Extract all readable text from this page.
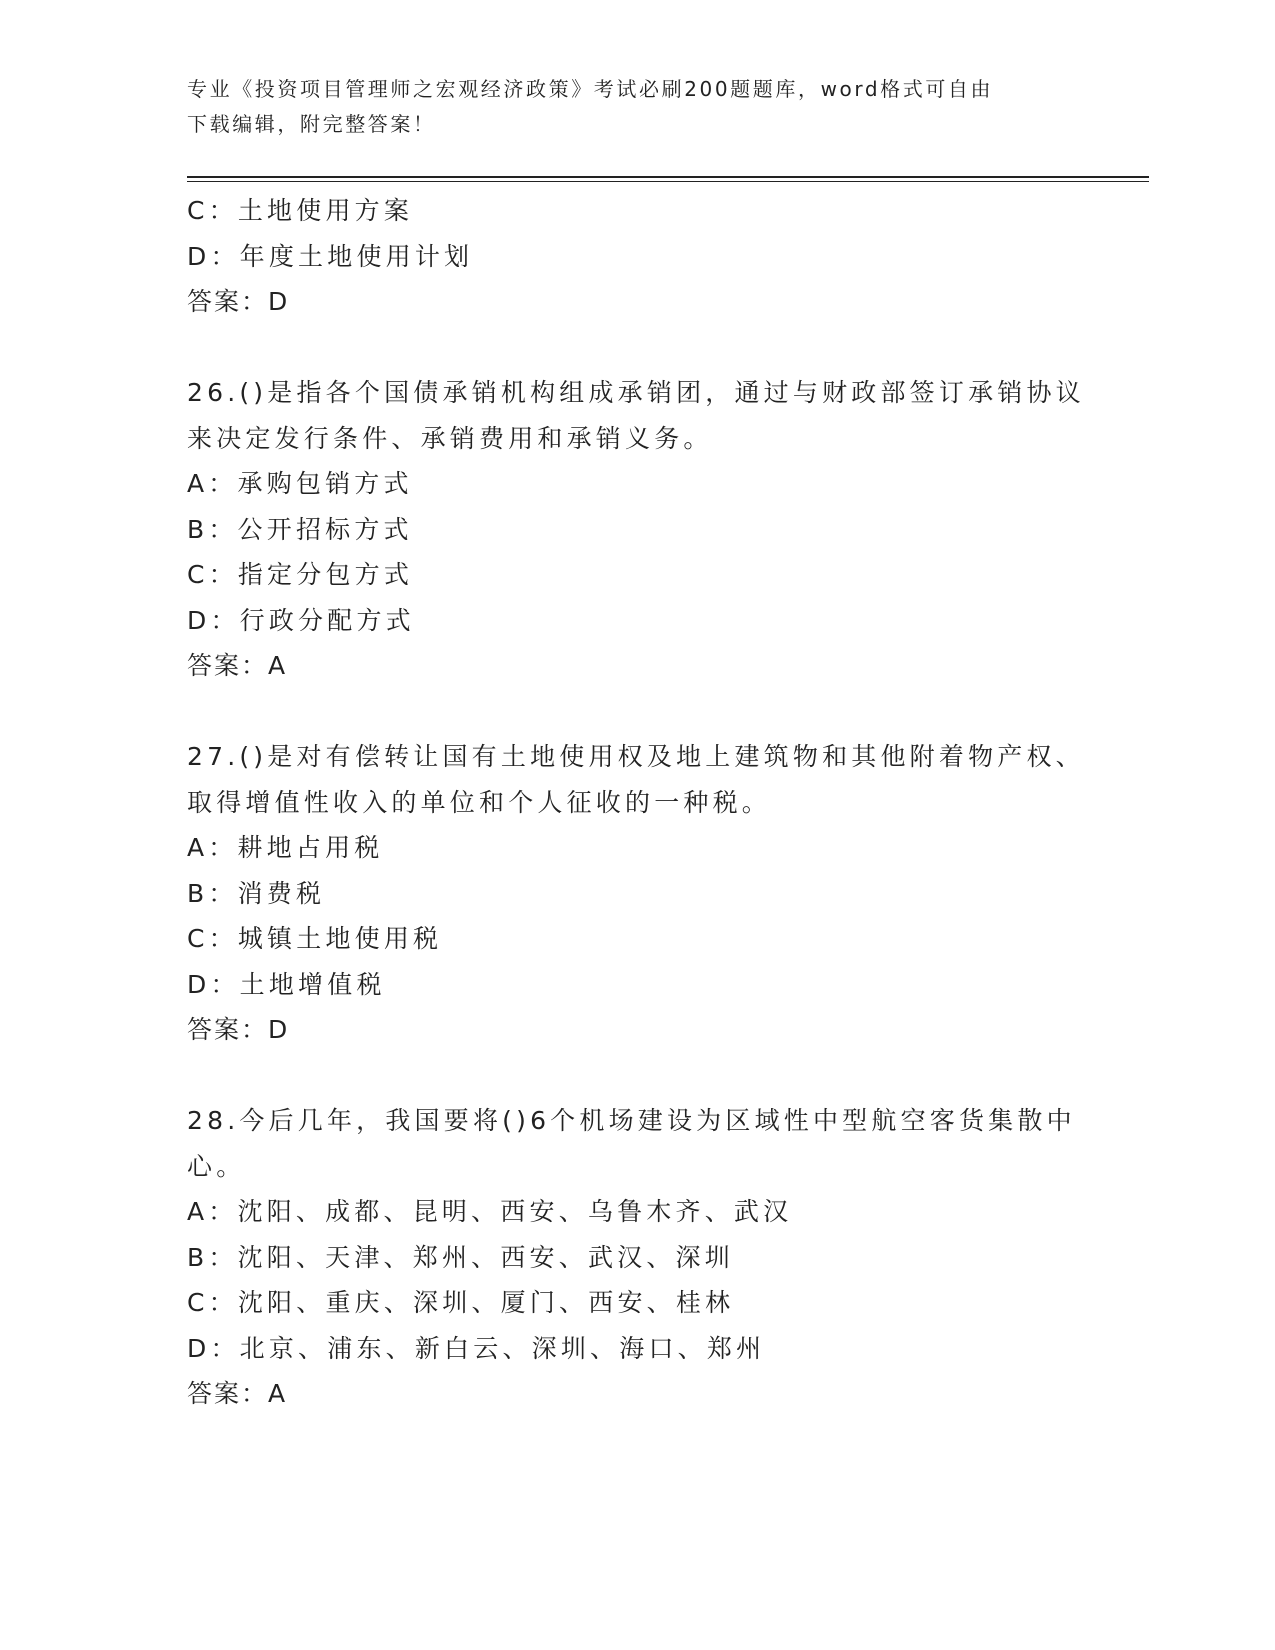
专业《投资项目管理师之宏观经济政策》考试必刷200题题库，word格式可自由
下载编辑，附完整答案！
C：土地使用方案
D：年度土地使用计划
答案：D
26.()是指各个国债承销机构组成承销团，通过与财政部签订承销协议
来决定发行条件、承销费用和承销义务。
A：承购包销方式
B：公开招标方式
C：指定分包方式
D：行政分配方式
答案：A
27.()是对有偿转让国有土地使用权及地上建筑物和其他附着物产权、
取得增值性收入的单位和个人征收的一种税。
A：耕地占用税
B：消费税
C：城镇土地使用税
D：土地增值税
答案：D
28.今后几年，我国要将()6个机场建设为区域性中型航空客货集散中
心。
A：沈阳、成都、昆明、西安、乌鲁木齐、武汉
B：沈阳、天津、郑州、西安、武汉、深圳
C：沈阳、重庆、深圳、厦门、西安、桂林
D：北京、浦东、新白云、深圳、海口、郑州
答案：A
